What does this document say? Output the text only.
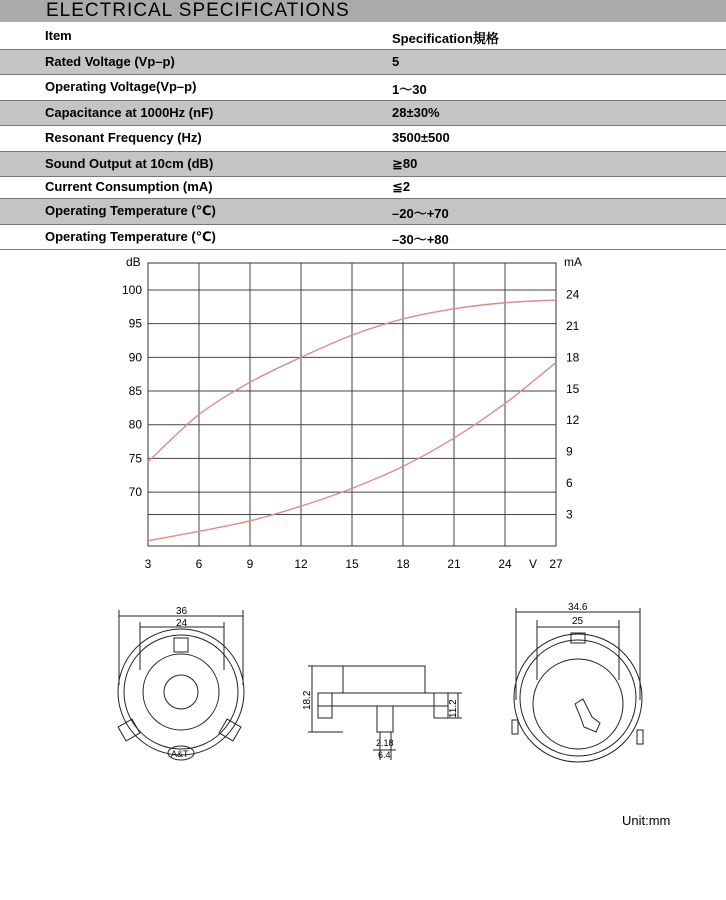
ELECTRICAL SPECIFICATIONS
Item	Specification規格
Rated Voltage (Vp–p)	5
Operating Voltage(Vp–p)	1～30
Capacitance at 1000Hz (nF)	28±30%
Resonant Frequency (Hz)	3500±500
Sound Output at 10cm (dB)	≧80
Current Consumption (mA)	≦2
Operating Temperature (℃)	–20～+70
Operating Temperature (℃)	–30～+80
3	6	9	12	15	18	21	24	27
100
95
90
85
80
75
70
24
21
18
15
12
9
6
3
dB	mA
V
36
24
A&T
18.2	11.2
2.18
6.4
34.6
25
Unit:mm
